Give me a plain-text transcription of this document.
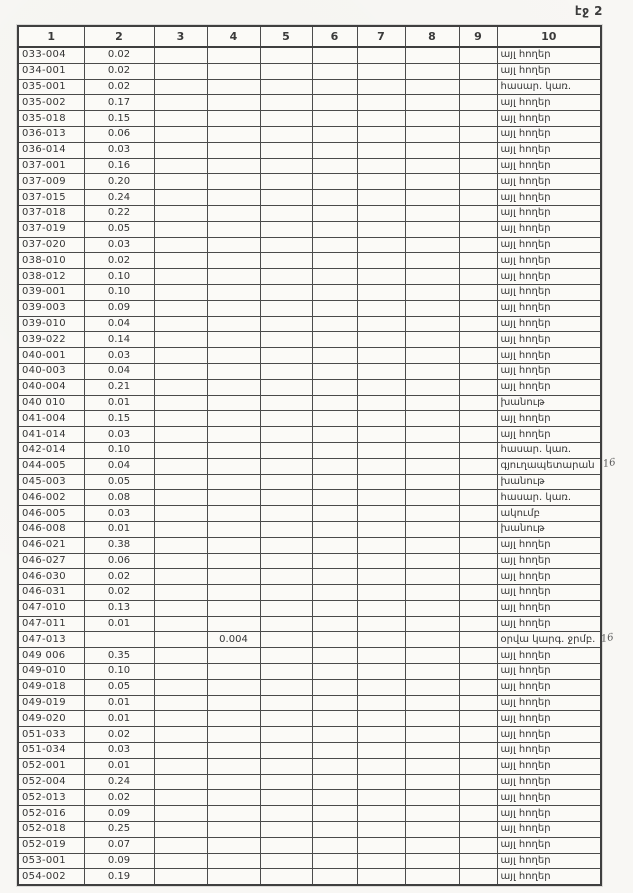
էջ 2
1	2	3	4	5	6	7	8	9	10
033-004	0.02								այլ հողեր
034-001	0.02								այլ հողեր
035-001	0.02								հասար. կառ.
035-002	0.17								այլ հողեր
035-018	0.15								այլ հողեր
036-013	0.06								այլ հողեր
036-014	0.03								այլ հողեր
037-001	0.16								այլ հողեր
037-009	0.20								այլ հողեր
037-015	0.24								այլ հողեր
037-018	0.22								այլ հողեր
037-019	0.05								այլ հողեր
037-020	0.03								այլ հողեր
038-010	0.02								այլ հողեր
038-012	0.10								այլ հողեր
039-001	0.10								այլ հողեր
039-003	0.09								այլ հողեր
039-010	0.04								այլ հողեր
039-022	0.14								այլ հողեր
040-001	0.03								այլ հողեր
040-003	0.04								այլ հողեր
040-004	0.21								այլ հողեր
040 010	0.01								խանութ
041-004	0.15								այլ հողեր
041-014	0.03								այլ հողեր
042-014	0.10								հասար. կառ.
044-005	0.04								գյուղապետարան
045-003	0.05								խանութ
046-002	0.08								հասար. կառ.
046-005	0.03								ակումբ
046-008	0.01								խանութ
046-021	0.38								այլ հողեր
046-027	0.06								այլ հողեր
046-030	0.02								այլ հողեր
046-031	0.02								այլ հողեր
047-010	0.13								այլ հողեր
047-011	0.01								այլ հողեր
047-013			0.004						օրվա կարգ. ջրմբ.
049 006	0.35								այլ հողեր
049-010	0.10								այլ հողեր
049-018	0.05								այլ հողեր
049-019	0.01								այլ հողեր
049-020	0.01								այլ հողեր
051-033	0.02								այլ հողեր
051-034	0.03								այլ հողեր
052-001	0.01								այլ հողեր
052-004	0.24								այլ հողեր
052-013	0.02								այլ հողեր
052-016	0.09								այլ հողեր
052-018	0.25								այլ հողեր
052-019	0.07								այլ հողեր
053-001	0.09								այլ հողեր
054-002	0.19								այլ հողեր
16
16
